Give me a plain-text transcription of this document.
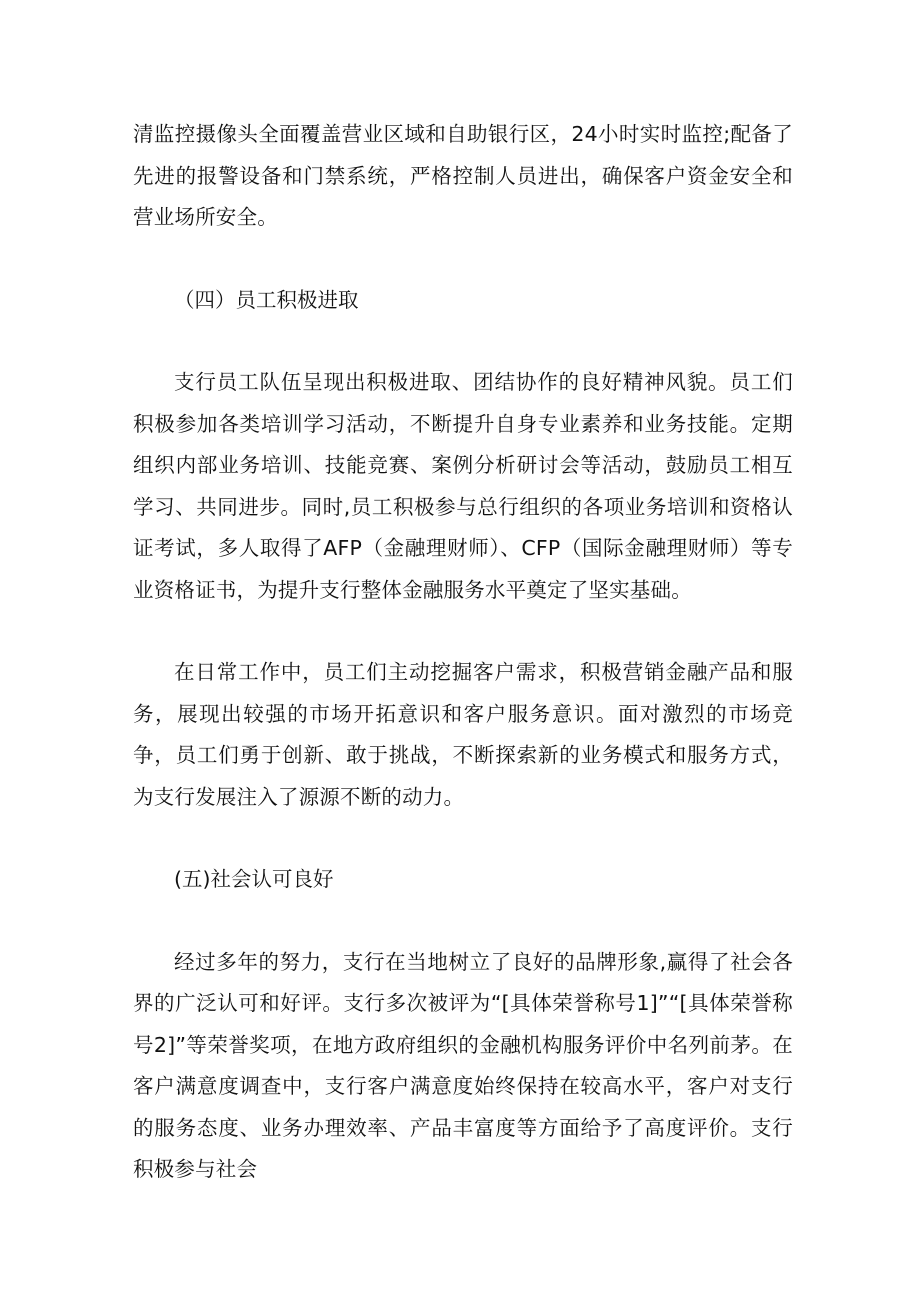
清监控摄像头全面覆盖营业区域和自助银行区，24小时实时监控;配备了先进的报警设备和门禁系统，严格控制人员进出，确保客户资金安全和营业场所安全。

（四）员工积极进取

支行员工队伍呈现出积极进取、团结协作的良好精神风貌。员工们积极参加各类培训学习活动，不断提升自身专业素养和业务技能。定期组织内部业务培训、技能竞赛、案例分析研讨会等活动，鼓励员工相互学习、共同进步。同时,员工积极参与总行组织的各项业务培训和资格认证考试，多人取得了AFP（金融理财师）、CFP（国际金融理财师）等专业资格证书，为提升支行整体金融服务水平奠定了坚实基础。

在日常工作中，员工们主动挖掘客户需求，积极营销金融产品和服务，展现出较强的市场开拓意识和客户服务意识。面对激烈的市场竞争，员工们勇于创新、敢于挑战，不断探索新的业务模式和服务方式，为支行发展注入了源源不断的动力。

(五)社会认可良好

经过多年的努力，支行在当地树立了良好的品牌形象,赢得了社会各界的广泛认可和好评。支行多次被评为“[具体荣誉称号1]”“[具体荣誉称号2]”等荣誉奖项，在地方政府组织的金融机构服务评价中名列前茅。在客户满意度调查中，支行客户满意度始终保持在较高水平，客户对支行的服务态度、业务办理效率、产品丰富度等方面给予了高度评价。支行积极参与社会
